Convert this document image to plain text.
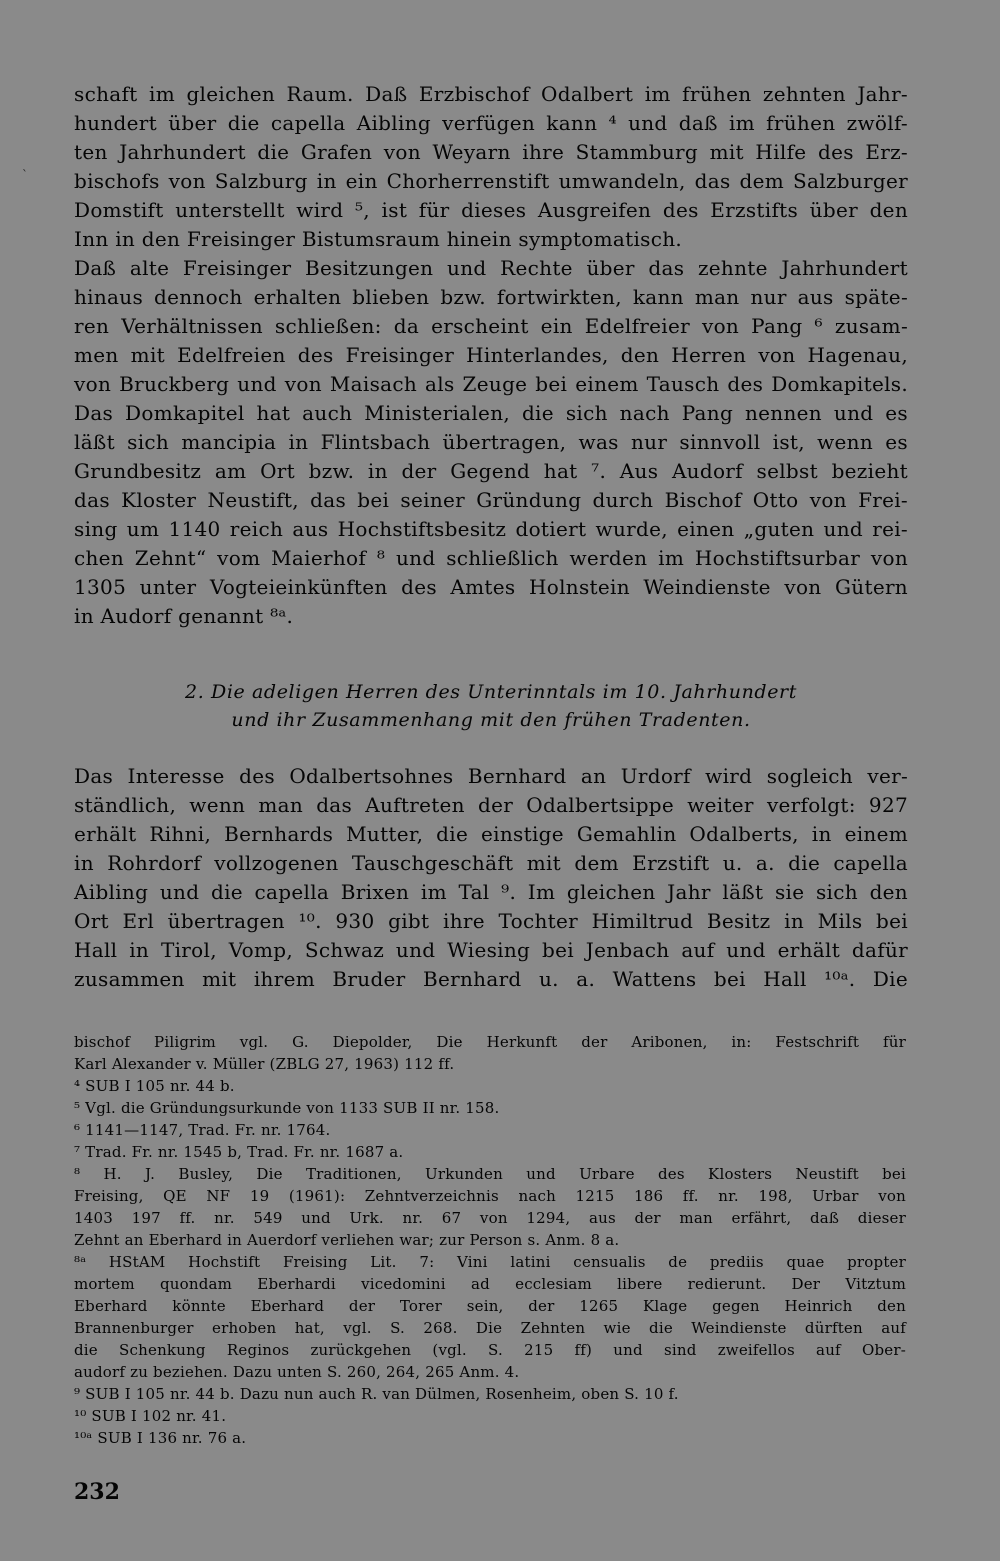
`
schaft im gleichen Raum. Daß Erzbischof Odalbert im frühen zehnten Jahr-
hundert über die capella Aibling verfügen kann ⁴ und daß im frühen zwölf-
ten Jahrhundert die Grafen von Weyarn ihre Stammburg mit Hilfe des Erz-
bischofs von Salzburg in ein Chorherrenstift umwandeln, das dem Salzburger
Domstift unterstellt wird ⁵, ist für dieses Ausgreifen des Erzstifts über den
Inn in den Freisinger Bistumsraum hinein symptomatisch.
Daß alte Freisinger Besitzungen und Rechte über das zehnte Jahrhundert
hinaus dennoch erhalten blieben bzw. fortwirkten, kann man nur aus späte-
ren Verhältnissen schließen: da erscheint ein Edelfreier von Pang ⁶ zusam-
men mit Edelfreien des Freisinger Hinterlandes, den Herren von Hagenau,
von Bruckberg und von Maisach als Zeuge bei einem Tausch des Domkapitels.
Das Domkapitel hat auch Ministerialen, die sich nach Pang nennen und es
läßt sich mancipia in Flintsbach übertragen, was nur sinnvoll ist, wenn es
Grundbesitz am Ort bzw. in der Gegend hat ⁷. Aus Audorf selbst bezieht
das Kloster Neustift, das bei seiner Gründung durch Bischof Otto von Frei-
sing um 1140 reich aus Hochstiftsbesitz dotiert wurde, einen „guten und rei-
chen Zehnt“ vom Maierhof ⁸ und schließlich werden im Hochstiftsurbar von
1305 unter Vogteieinkünften des Amtes Holnstein Weindienste von Gütern
in Audorf genannt ⁸ᵃ.
2. Die adeligen Herren des Unterinntals im 10. Jahrhundert
und ihr Zusammenhang mit den frühen Tradenten.
Das Interesse des Odalbertsohnes Bernhard an Urdorf wird sogleich ver-
ständlich, wenn man das Auftreten der Odalbertsippe weiter verfolgt: 927
erhält Rihni, Bernhards Mutter, die einstige Gemahlin Odalberts, in einem
in Rohrdorf vollzogenen Tauschgeschäft mit dem Erzstift u. a. die capella
Aibling und die capella Brixen im Tal ⁹. Im gleichen Jahr läßt sie sich den
Ort Erl übertragen ¹⁰. 930 gibt ihre Tochter Himiltrud Besitz in Mils bei
Hall in Tirol, Vomp, Schwaz und Wiesing bei Jenbach auf und erhält dafür
zusammen mit ihrem Bruder Bernhard u. a. Wattens bei Hall ¹⁰ᵃ. Die
bischof Piligrim vgl. G. Diepolder, Die Herkunft der Aribonen, in: Festschrift für
Karl Alexander v. Müller (ZBLG 27, 1963) 112 ff.
⁴ SUB I 105 nr. 44 b.
⁵ Vgl. die Gründungsurkunde von 1133 SUB II nr. 158.
⁶ 1141—1147, Trad. Fr. nr. 1764.
⁷ Trad. Fr. nr. 1545 b, Trad. Fr. nr. 1687 a.
⁸ H. J. Busley, Die Traditionen, Urkunden und Urbare des Klosters Neustift bei
Freising, QE NF 19 (1961): Zehntverzeichnis nach 1215 186 ff. nr. 198, Urbar von
1403 197 ff. nr. 549 und Urk. nr. 67 von 1294, aus der man erfährt, daß dieser
Zehnt an Eberhard in Auerdorf verliehen war; zur Person s. Anm. 8 a.
⁸ᵃ HStAM Hochstift Freising Lit. 7: Vini latini censualis de prediis quae propter
mortem quondam Eberhardi vicedomini ad ecclesiam libere redierunt. Der Vitztum
Eberhard könnte Eberhard der Torer sein, der 1265 Klage gegen Heinrich den
Brannenburger erhoben hat, vgl. S. 268. Die Zehnten wie die Weindienste dürften auf
die Schenkung Reginos zurückgehen (vgl. S. 215 ff) und sind zweifellos auf Ober-
audorf zu beziehen. Dazu unten S. 260, 264, 265 Anm. 4.
⁹ SUB I 105 nr. 44 b. Dazu nun auch R. van Dülmen, Rosenheim, oben S. 10 f.
¹⁰ SUB I 102 nr. 41.
¹⁰ᵃ SUB I 136 nr. 76 a.
232
